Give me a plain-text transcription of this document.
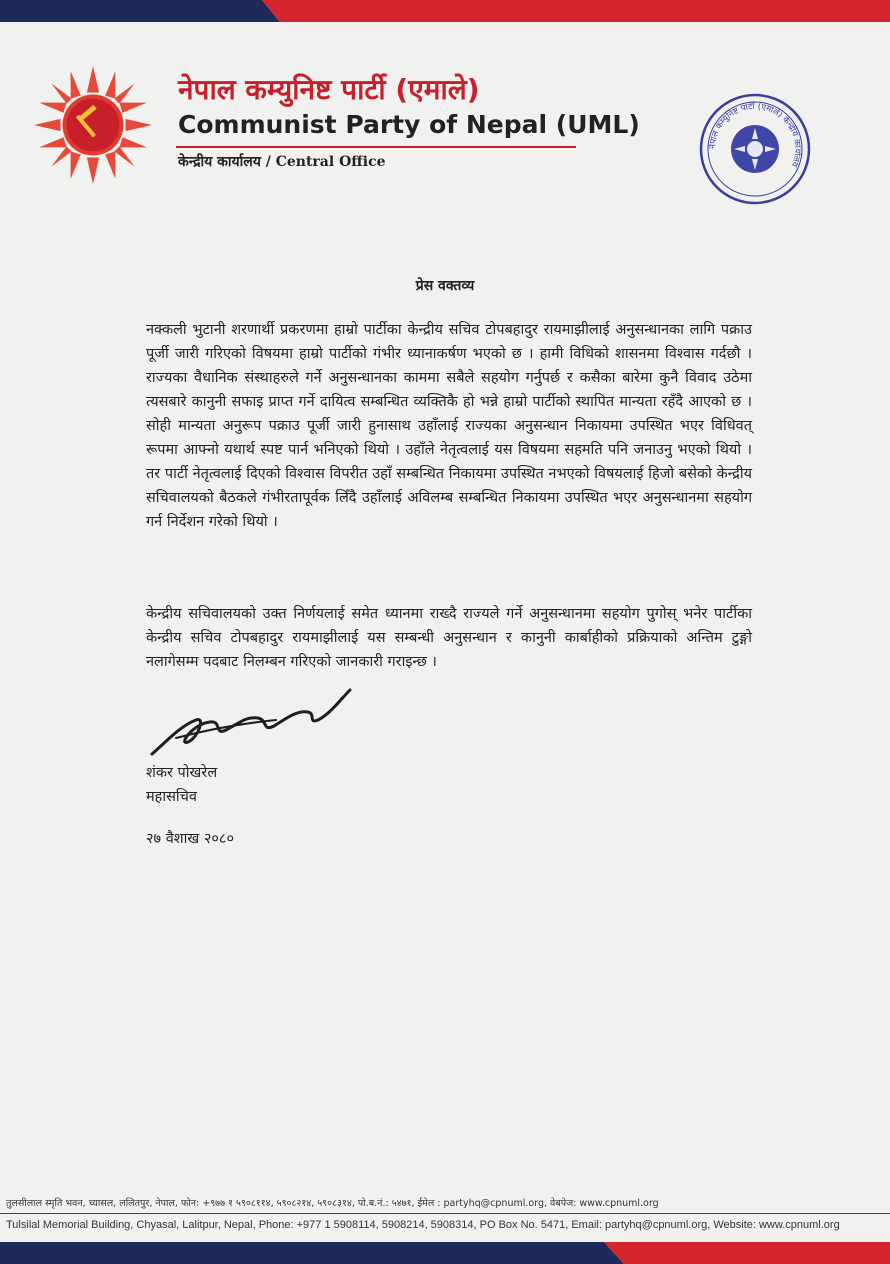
नेपाल कम्युनिष्ट पार्टी (एमाले)
Communist Party of Nepal (UML)
केन्द्रीय कार्यालय / Central Office
नेपाल कम्युनिष्ट पार्टी (एमाले) केन्द्रीय कार्यालय
प्रेस वक्तव्य
नक्कली भुटानी शरणार्थी प्रकरणमा हाम्रो पार्टीका केन्द्रीय सचिव टोपबहादुर रायमाझीलाई अनुसन्धानका लागि पक्राउ पूर्जी जारी गरिएको विषयमा हाम्रो पार्टीको गंभीर ध्यानाकर्षण भएको छ । हामी विधिको शासनमा विश्वास गर्दछौ । राज्यका वैधानिक संस्थाहरुले गर्ने अनुसन्धानका काममा सबैले सहयोग गर्नुपर्छ र कसैका बारेमा कुनै विवाद उठेमा त्यसबारे कानुनी सफाइ प्राप्त गर्ने दायित्व सम्बन्धित व्यक्तिकै हो भन्ने हाम्रो पार्टीको स्थापित मान्यता रहँदै आएको छ । सोही मान्यता अनुरूप पक्राउ पूर्जी जारी हुनासाथ उहाँलाई राज्यका अनुसन्धान निकायमा उपस्थित भएर विधिवत् रूपमा आफ्नो यथार्थ स्पष्ट पार्न भनिएको थियो । उहाँले नेतृत्वलाई यस विषयमा सहमति पनि जनाउनु भएको थियो । तर पार्टी नेतृत्वलाई दिएको विश्वास विपरीत उहाँ सम्बन्धित निकायमा उपस्थित नभएको विषयलाई हिजो बसेको केन्द्रीय सचिवालयको बैठकले गंभीरतापूर्वक लिँदै उहाँलाई अविलम्ब सम्बन्धित निकायमा उपस्थित भएर अनुसन्धानमा सहयोग गर्न निर्देशन गरेको थियो ।
केन्द्रीय सचिवालयको उक्त निर्णयलाई समेत ध्यानमा राख्दै राज्यले गर्ने अनुसन्धानमा सहयोग पुगोस् भनेर पार्टीका केन्द्रीय सचिव टोपबहादुर रायमाझीलाई यस सम्बन्धी अनुसन्धान र कानुनी कार्बाहीको प्रक्रियाको अन्तिम टुङ्गो नलागेसम्म पदबाट निलम्बन गरिएको जानकारी गराइन्छ ।
शंकर पोखरेल
महासचिव
२७ वैशाख २०८०
तुलसीलाल स्मृति भवन, च्यासल, ललितपुर, नेपाल, फोन: +९७७ १ ५९०८११४, ५९०८२१४, ५९०८३१४, पो.ब.नं.: ५४७१, ईमेल : partyhq@cpnuml.org, वेबपेज: www.cpnuml.org
Tulsilal Memorial Building, Chyasal, Lalitpur, Nepal, Phone: +977 1 5908114, 5908214, 5908314, PO Box No. 5471, Email: partyhq@cpnuml.org, Website: www.cpnuml.org
